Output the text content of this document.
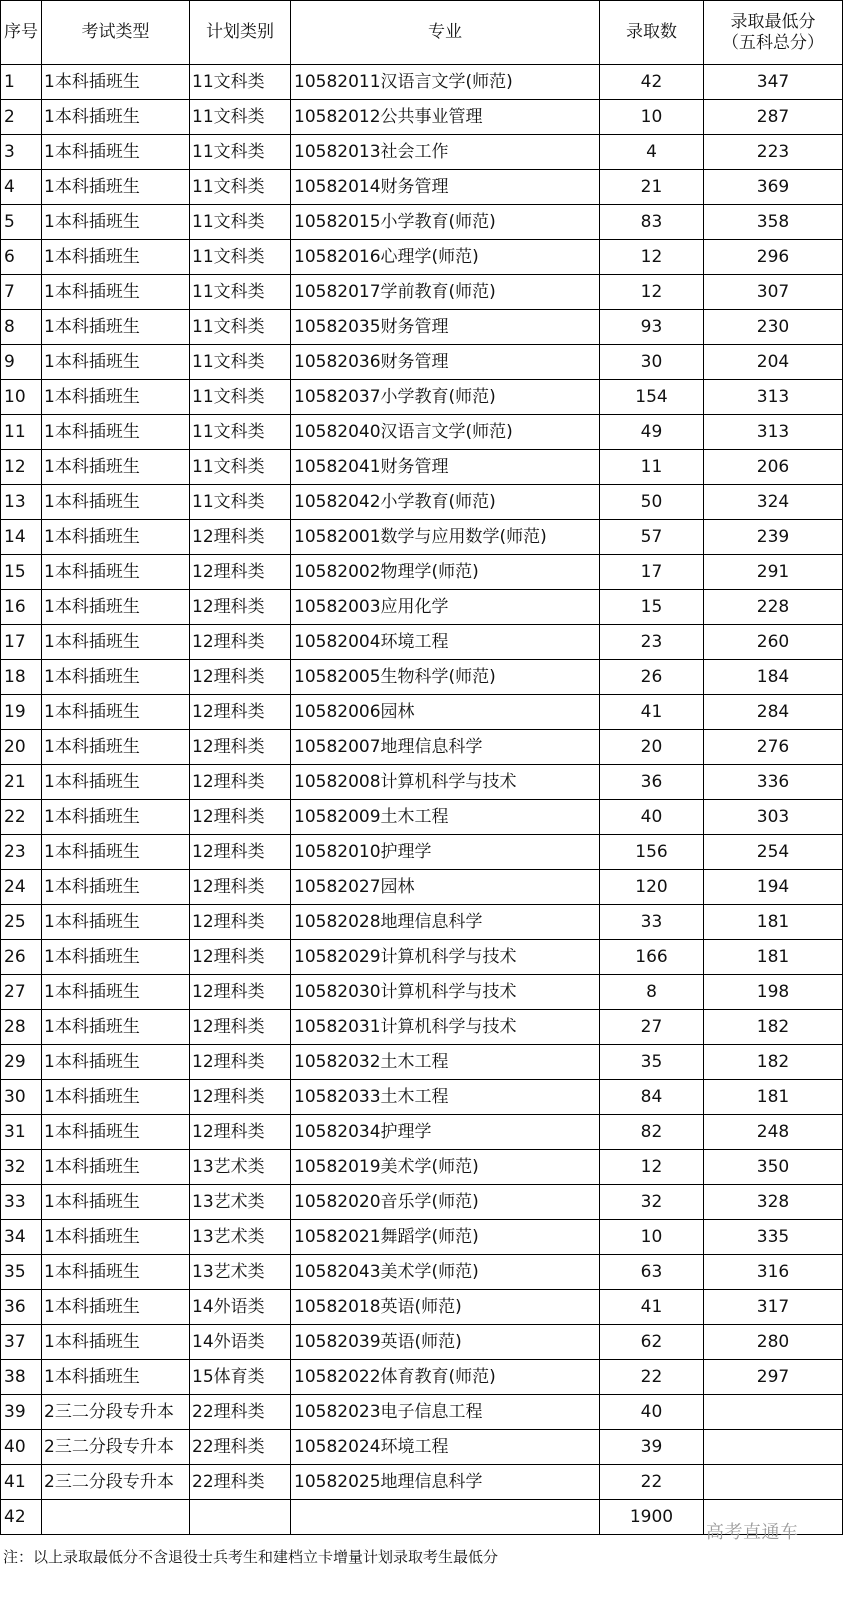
序号	考试类型	计划类别	专业	录取数	录取最低分
（五科总分）

1	1本科插班生	11文科类	10582011汉语言文学(师范)	42	347
2	1本科插班生	11文科类	10582012公共事业管理	10	287
3	1本科插班生	11文科类	10582013社会工作	4	223
4	1本科插班生	11文科类	10582014财务管理	21	369
5	1本科插班生	11文科类	10582015小学教育(师范)	83	358
6	1本科插班生	11文科类	10582016心理学(师范)	12	296
7	1本科插班生	11文科类	10582017学前教育(师范)	12	307
8	1本科插班生	11文科类	10582035财务管理	93	230
9	1本科插班生	11文科类	10582036财务管理	30	204
10	1本科插班生	11文科类	10582037小学教育(师范)	154	313
11	1本科插班生	11文科类	10582040汉语言文学(师范)	49	313
12	1本科插班生	11文科类	10582041财务管理	11	206
13	1本科插班生	11文科类	10582042小学教育(师范)	50	324
14	1本科插班生	12理科类	10582001数学与应用数学(师范)	57	239
15	1本科插班生	12理科类	10582002物理学(师范)	17	291
16	1本科插班生	12理科类	10582003应用化学	15	228
17	1本科插班生	12理科类	10582004环境工程	23	260
18	1本科插班生	12理科类	10582005生物科学(师范)	26	184
19	1本科插班生	12理科类	10582006园林	41	284
20	1本科插班生	12理科类	10582007地理信息科学	20	276
21	1本科插班生	12理科类	10582008计算机科学与技术	36	336
22	1本科插班生	12理科类	10582009土木工程	40	303
23	1本科插班生	12理科类	10582010护理学	156	254
24	1本科插班生	12理科类	10582027园林	120	194
25	1本科插班生	12理科类	10582028地理信息科学	33	181
26	1本科插班生	12理科类	10582029计算机科学与技术	166	181
27	1本科插班生	12理科类	10582030计算机科学与技术	8	198
28	1本科插班生	12理科类	10582031计算机科学与技术	27	182
29	1本科插班生	12理科类	10582032土木工程	35	182
30	1本科插班生	12理科类	10582033土木工程	84	181
31	1本科插班生	12理科类	10582034护理学	82	248
32	1本科插班生	13艺术类	10582019美术学(师范)	12	350
33	1本科插班生	13艺术类	10582020音乐学(师范)	32	328
34	1本科插班生	13艺术类	10582021舞蹈学(师范)	10	335
35	1本科插班生	13艺术类	10582043美术学(师范)	63	316
36	1本科插班生	14外语类	10582018英语(师范)	41	317
37	1本科插班生	14外语类	10582039英语(师范)	62	280
38	1本科插班生	15体育类	10582022体育教育(师范)	22	297
39	2三二分段专升本	22理科类	10582023电子信息工程	40	
40	2三二分段专升本	22理科类	10582024环境工程	39	
41	2三二分段专升本	22理科类	10582025地理信息科学	22	
42				1900	
高考直通车
注：以上录取最低分不含退役士兵考生和建档立卡增量计划录取考生最低分
